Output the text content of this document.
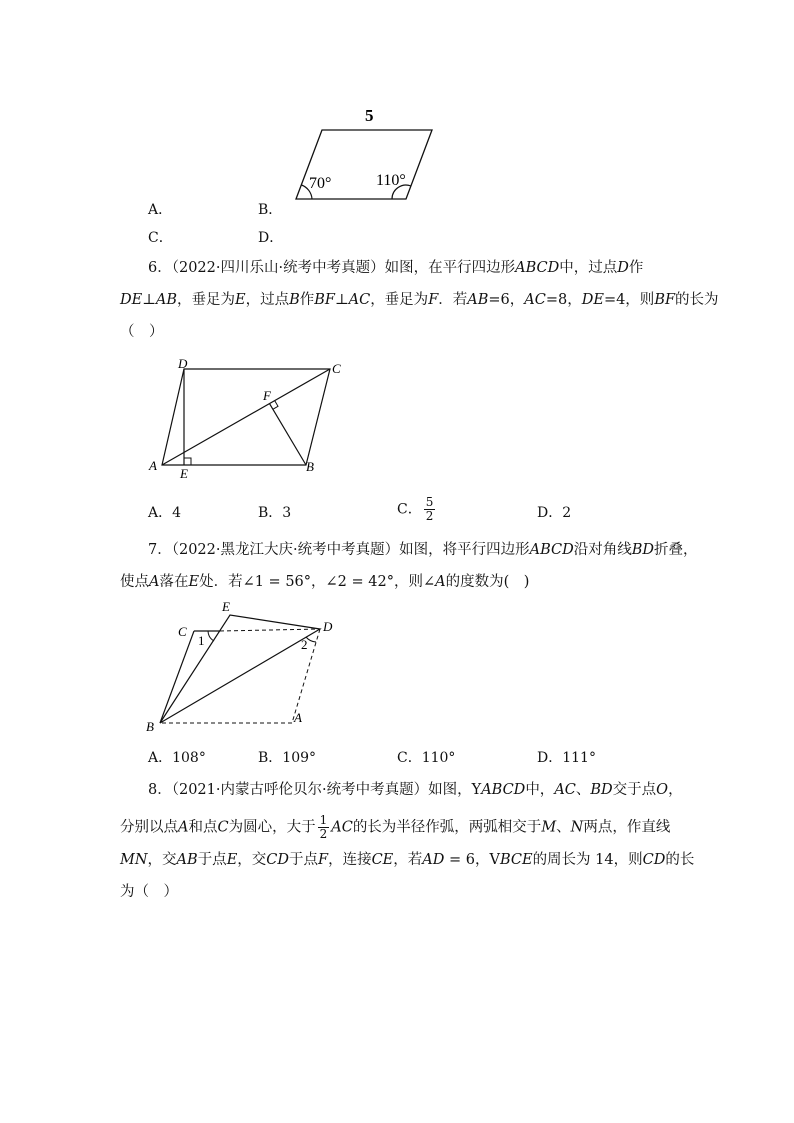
5
70°	110°
A．	B．
C．	D．
6．（2022·四川乐山·统考中考真题）如图，在平行四边形ABCD中，过点D作
DE⊥AB，垂足为E，过点B作BF⊥AC，垂足为F．若AB=6，AC=8，DE=4，则BF的长为
（　）
D	C
F
A
E	B
A．4	B．3	C． $\frac{5}{2}$	D．2
7．（2022·黑龙江大庆·统考中考真题）如图，将平行四边形ABCD沿对角线BD折叠，
使点A落在E处．若∠1 = 56°，∠2 = 42°，则∠A的度数为(　)
C
E
D
1	2
A
B
A．108°	B．109°	C．110°	D．111°
8．（2021·内蒙古呼伦贝尔·统考中考真题）如图，YABCD中，AC、BD交于点O，
分别以点A和点C为圆心，大于 $\frac{1}{2}$ AC的长为半径作弧，两弧相交于M、N两点，作直线
MN，交AB于点E，交CD于点F，连接CE，若AD = 6，VBCE的周长为 14，则CD的长
为（　）
